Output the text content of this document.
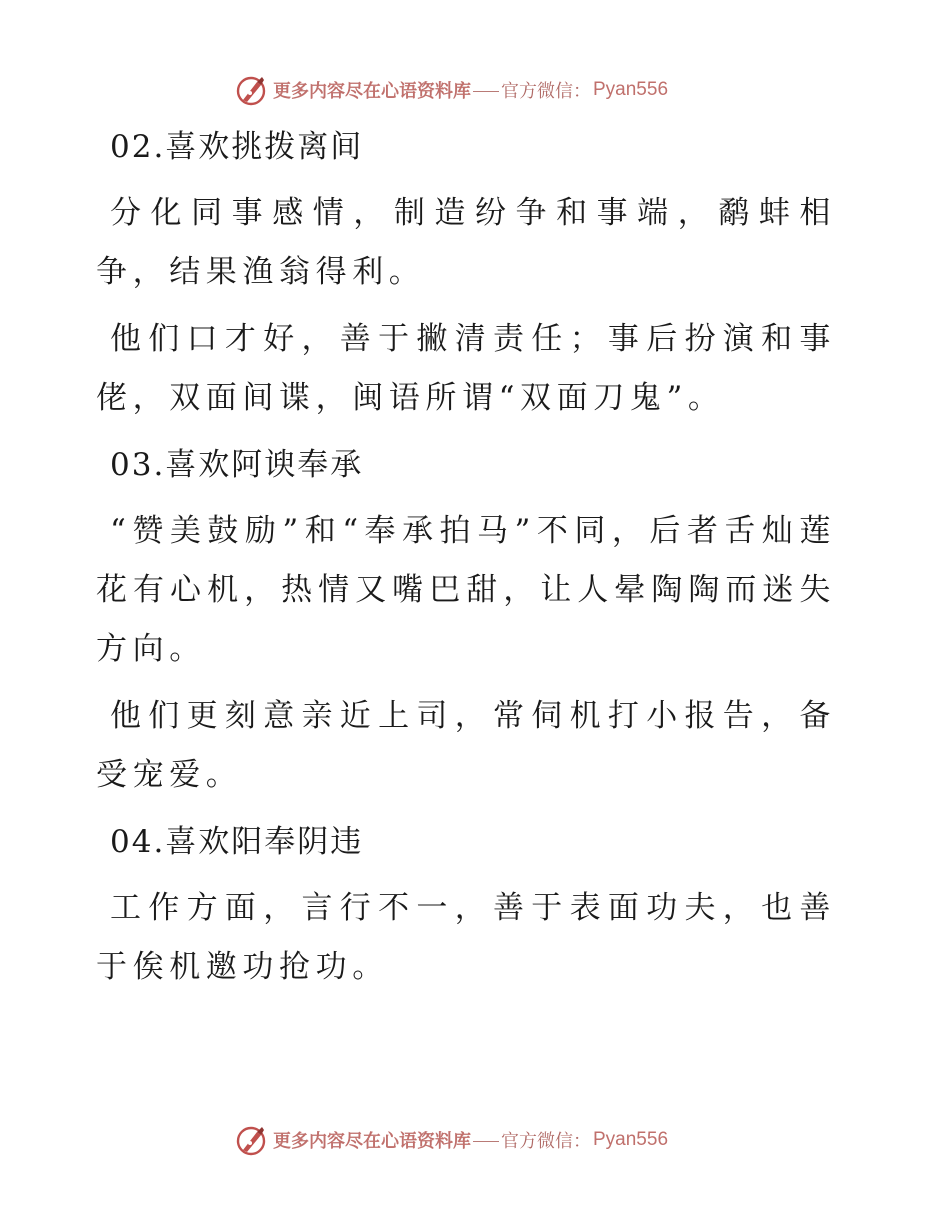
更多内容尽在心语资料库 官方微信： Pyan556

02.喜欢挑拨离间

分化同事感情，制造纷争和事端，鹬蚌相争，结果渔翁得利。

他们口才好，善于撇清责任；事后扮演和事佬，双面间谍，闽语所谓“双面刀鬼”。

03.喜欢阿谀奉承

“赞美鼓励”和“奉承拍马”不同，后者舌灿莲花有心机，热情又嘴巴甜，让人晕陶陶而迷失方向。

他们更刻意亲近上司，常伺机打小报告，备受宠爱。

04.喜欢阳奉阴违

工作方面，言行不一，善于表面功夫，也善于俟机邀功抢功。

更多内容尽在心语资料库 官方微信： Pyan556
